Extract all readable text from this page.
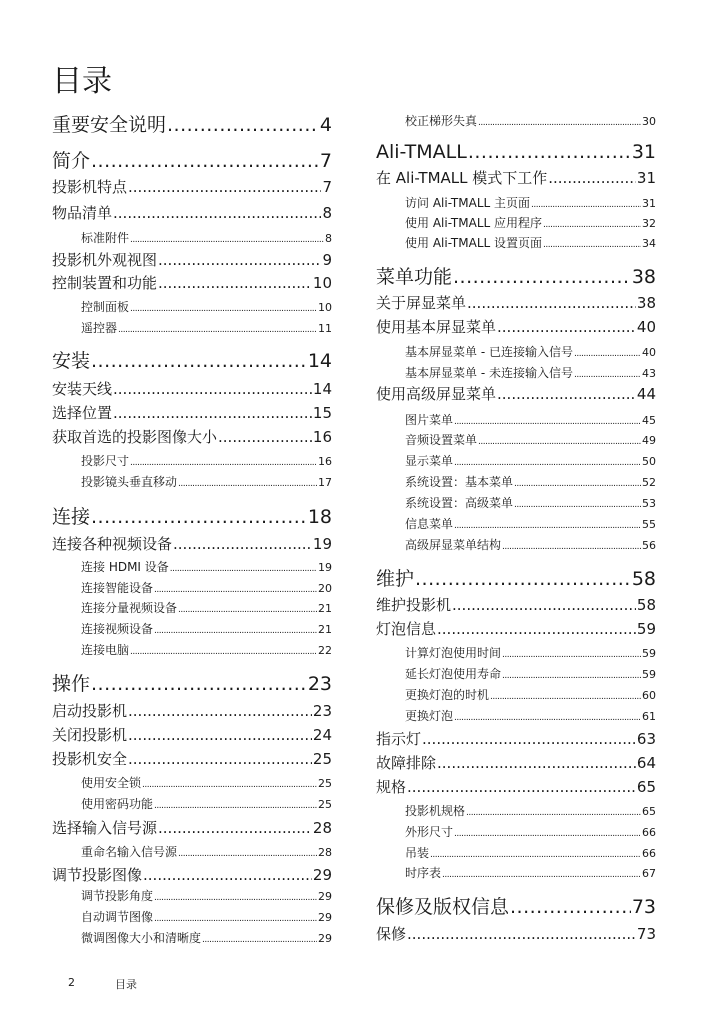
目录
重要安全说明 .....	4
简介 .....	7
投影机特点 .....	7
物品清单 .....	8
标准附件 .....	8
投影机外观视图 .....	9
控制装置和功能 .....	10
控制面板 .....	10
遥控器 .....	11
安装 .....	14
安装天线 .....	14
选择位置 .....	15
获取首选的投影图像大小 .....	16
投影尺寸 .....	16
投影镜头垂直移动 .....	17
连接 .....	18
连接各种视频设备 .....	19
连接 HDMI 设备 .....	19
连接智能设备 .....	20
连接分量视频设备 .....	21
连接视频设备 .....	21
连接电脑 .....	22
操作 .....	23
启动投影机 .....	23
关闭投影机 .....	24
投影机安全 .....	25
使用安全锁 .....	25
使用密码功能 .....	25
选择输入信号源 .....	28
重命名输入信号源 .....	28
调节投影图像 .....	29
调节投影角度 .....	29
自动调节图像 .....	29
微调图像大小和清晰度 .....	29
校正梯形失真 .....	30
Ali-TMALL .....	31
在 Ali-TMALL 模式下工作 .....	31
访问 Ali-TMALL 主页面 .....	31
使用 Ali-TMALL 应用程序 .....	32
使用 Ali-TMALL 设置页面 .....	34
菜单功能 .....	38
关于屏显菜单 .....	38
使用基本屏显菜单 .....	40
基本屏显菜单 - 已连接输入信号 .....	40
基本屏显菜单 - 未连接输入信号 .....	43
使用高级屏显菜单 .....	44
图片菜单 .....	45
音频设置菜单 .....	49
显示菜单 .....	50
系统设置：基本菜单 .....	52
系统设置：高级菜单 .....	53
信息菜单 .....	55
高级屏显菜单结构 .....	56
维护 .....	58
维护投影机 .....	58
灯泡信息 .....	59
计算灯泡使用时间 .....	59
延长灯泡使用寿命 .....	59
更换灯泡的时机 .....	60
更换灯泡 .....	61
指示灯 .....	63
故障排除 .....	64
规格 .....	65
投影机规格 .....	65
外形尺寸 .....	66
吊装 .....	66
时序表 .....	67
保修及版权信息 .....	73
保修 .....	73
2	目录
